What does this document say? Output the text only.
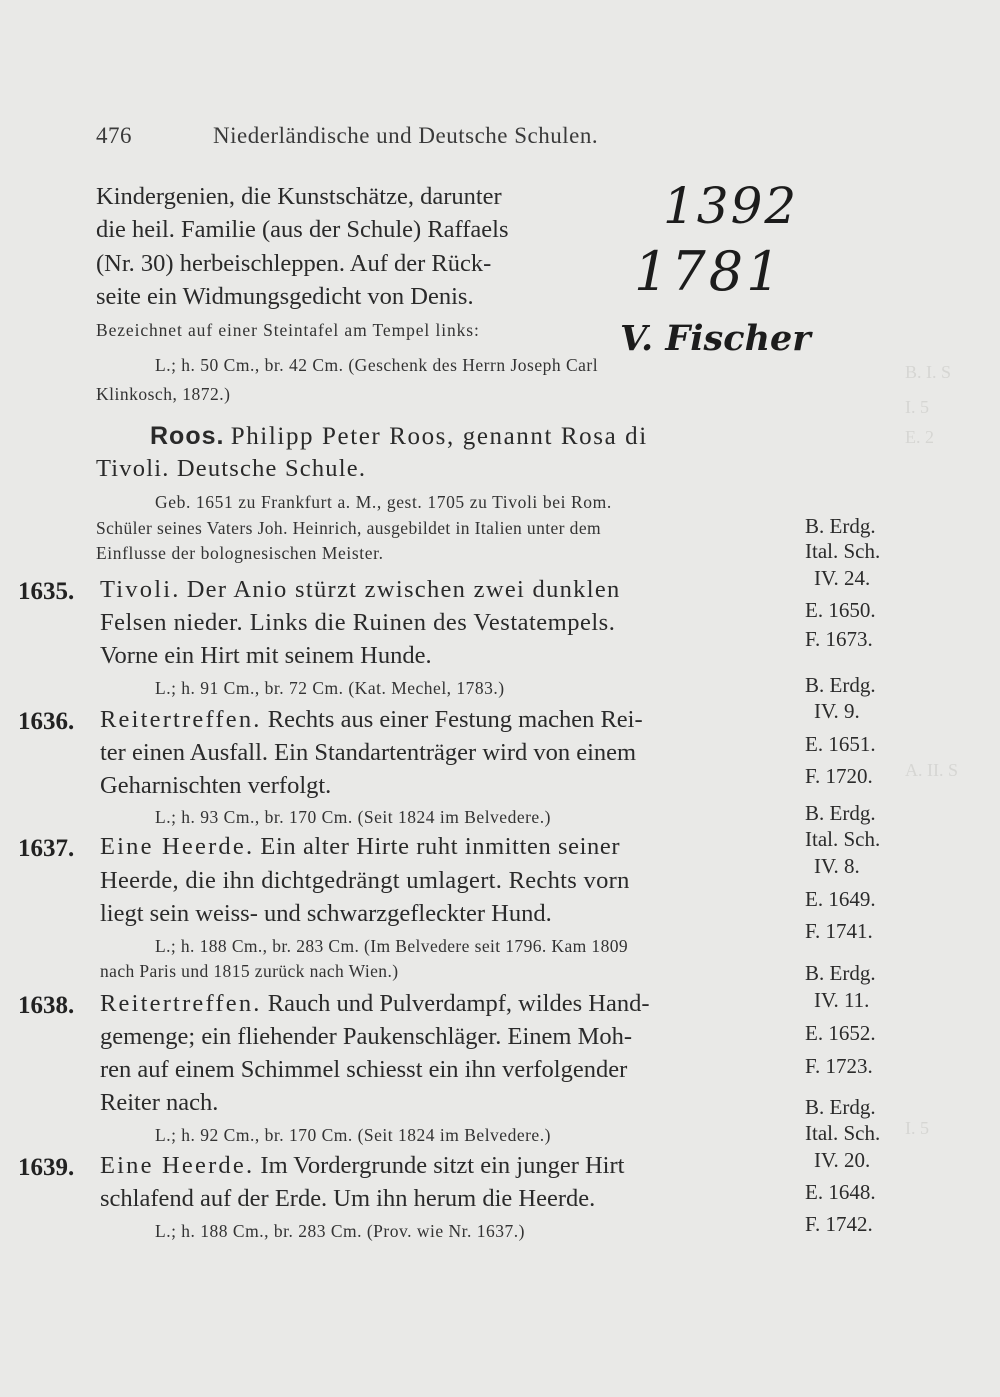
B. I. S
I. 5
E. 2
A. II. S
I. 5
476	Niederländische und Deutsche Schulen.
Kindergenien, die Kunstschätze, darunter
die heil. Familie (aus der Schule) Raffaels
(Nr. 30) herbeischleppen. Auf der Rück-
seite ein Widmungsgedicht von Denis.
Bezeichnet auf einer Steintafel am Tempel links:
L.; h. 50 Cm., br. 42 Cm. (Geschenk des Herrn Joseph Carl
Klinkosch, 1872.)
1392
1781
V. Fischer
Roos. Philipp Peter Roos, genannt Rosa di
Tivoli. Deutsche Schule.
Geb. 1651 zu Frankfurt a. M., gest. 1705 zu Tivoli bei Rom.
Schüler seines Vaters Joh. Heinrich, ausgebildet in Italien unter dem
Einflusse der bolognesischen Meister.
1635. Tivoli. Der Anio stürzt zwischen zwei dunklen
Felsen nieder. Links die Ruinen des Vestatempels.
Vorne ein Hirt mit seinem Hunde.
L.; h. 91 Cm., br. 72 Cm. (Kat. Mechel, 1783.)
1636. Reitertreffen. Rechts aus einer Festung machen Rei-
ter einen Ausfall. Ein Standartenträger wird von einem
Geharnischten verfolgt.
L.; h. 93 Cm., br. 170 Cm. (Seit 1824 im Belvedere.)
1637. Eine Heerde. Ein alter Hirte ruht inmitten seiner
Heerde, die ihn dichtgedrängt umlagert. Rechts vorn
liegt sein weiss- und schwarzgefleckter Hund.
L.; h. 188 Cm., br. 283 Cm. (Im Belvedere seit 1796. Kam 1809
nach Paris und 1815 zurück nach Wien.)
1638. Reitertreffen. Rauch und Pulverdampf, wildes Hand-
gemenge; ein fliehender Paukenschläger. Einem Moh-
ren auf einem Schimmel schiesst ein ihn verfolgender
Reiter nach.
L.; h. 92 Cm., br. 170 Cm. (Seit 1824 im Belvedere.)
1639. Eine Heerde. Im Vordergrunde sitzt ein junger Hirt
schlafend auf der Erde. Um ihn herum die Heerde.
L.; h. 188 Cm., br. 283 Cm. (Prov. wie Nr. 1637.)
B. Erdg.
Ital. Sch.
IV. 24.
E. 1650.
F. 1673.
B. Erdg.
IV. 9.
E. 1651.
F. 1720.
B. Erdg.
Ital. Sch.
IV. 8.
E. 1649.
F. 1741.
B. Erdg.
IV. 11.
E. 1652.
F. 1723.
B. Erdg.
Ital. Sch.
IV. 20.
E. 1648.
F. 1742.
